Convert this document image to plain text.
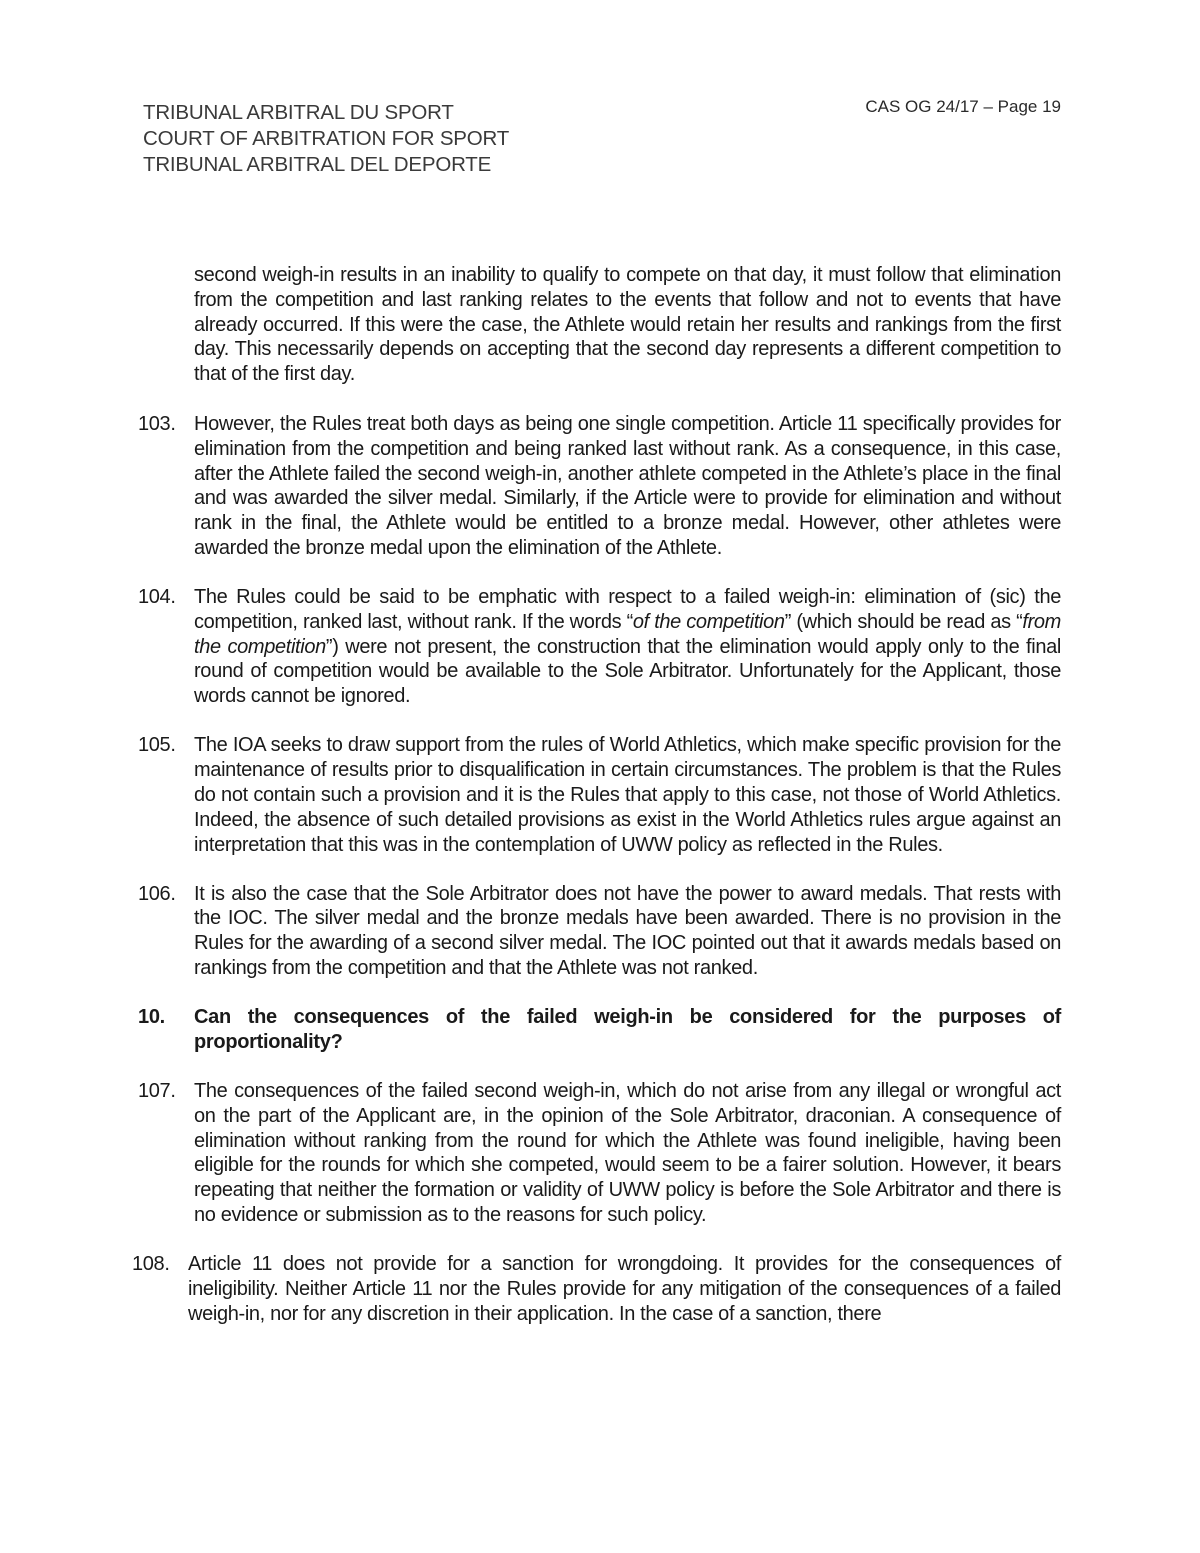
TRIBUNAL ARBITRAL DU SPORT
COURT OF ARBITRATION FOR SPORT
TRIBUNAL ARBITRAL DEL DEPORTE
CAS OG 24/17 – Page 19
second weigh-in results in an inability to qualify to compete on that day, it must follow that elimination from the competition and last ranking relates to the events that follow and not to events that have already occurred. If this were the case, the Athlete would retain her results and rankings from the first day. This necessarily depends on accepting that the second day represents a different competition to that of the first day.
103. However, the Rules treat both days as being one single competition. Article 11 specifically provides for elimination from the competition and being ranked last without rank. As a consequence, in this case, after the Athlete failed the second weigh-in, another athlete competed in the Athlete’s place in the final and was awarded the silver medal. Similarly, if the Article were to provide for elimination and without rank in the final, the Athlete would be entitled to a bronze medal. However, other athletes were awarded the bronze medal upon the elimination of the Athlete.
104. The Rules could be said to be emphatic with respect to a failed weigh-in: elimination of (sic) the competition, ranked last, without rank. If the words “of the competition” (which should be read as “from the competition”) were not present, the construction that the elimination would apply only to the final round of competition would be available to the Sole Arbitrator. Unfortunately for the Applicant, those words cannot be ignored.
105. The IOA seeks to draw support from the rules of World Athletics, which make specific provision for the maintenance of results prior to disqualification in certain circumstances. The problem is that the Rules do not contain such a provision and it is the Rules that apply to this case, not those of World Athletics. Indeed, the absence of such detailed provisions as exist in the World Athletics rules argue against an interpretation that this was in the contemplation of UWW policy as reflected in the Rules.
106. It is also the case that the Sole Arbitrator does not have the power to award medals. That rests with the IOC. The silver medal and the bronze medals have been awarded. There is no provision in the Rules for the awarding of a second silver medal. The IOC pointed out that it awards medals based on rankings from the competition and that the Athlete was not ranked.
10. Can the consequences of the failed weigh-in be considered for the purposes of proportionality?
107. The consequences of the failed second weigh-in, which do not arise from any illegal or wrongful act on the part of the Applicant are, in the opinion of the Sole Arbitrator, draconian. A consequence of elimination without ranking from the round for which the Athlete was found ineligible, having been eligible for the rounds for which she competed, would seem to be a fairer solution. However, it bears repeating that neither the formation or validity of UWW policy is before the Sole Arbitrator and there is no evidence or submission as to the reasons for such policy.
108. Article 11 does not provide for a sanction for wrongdoing. It provides for the consequences of ineligibility. Neither Article 11 nor the Rules provide for any mitigation of the consequences of a failed weigh-in, nor for any discretion in their application. In the case of a sanction, there
